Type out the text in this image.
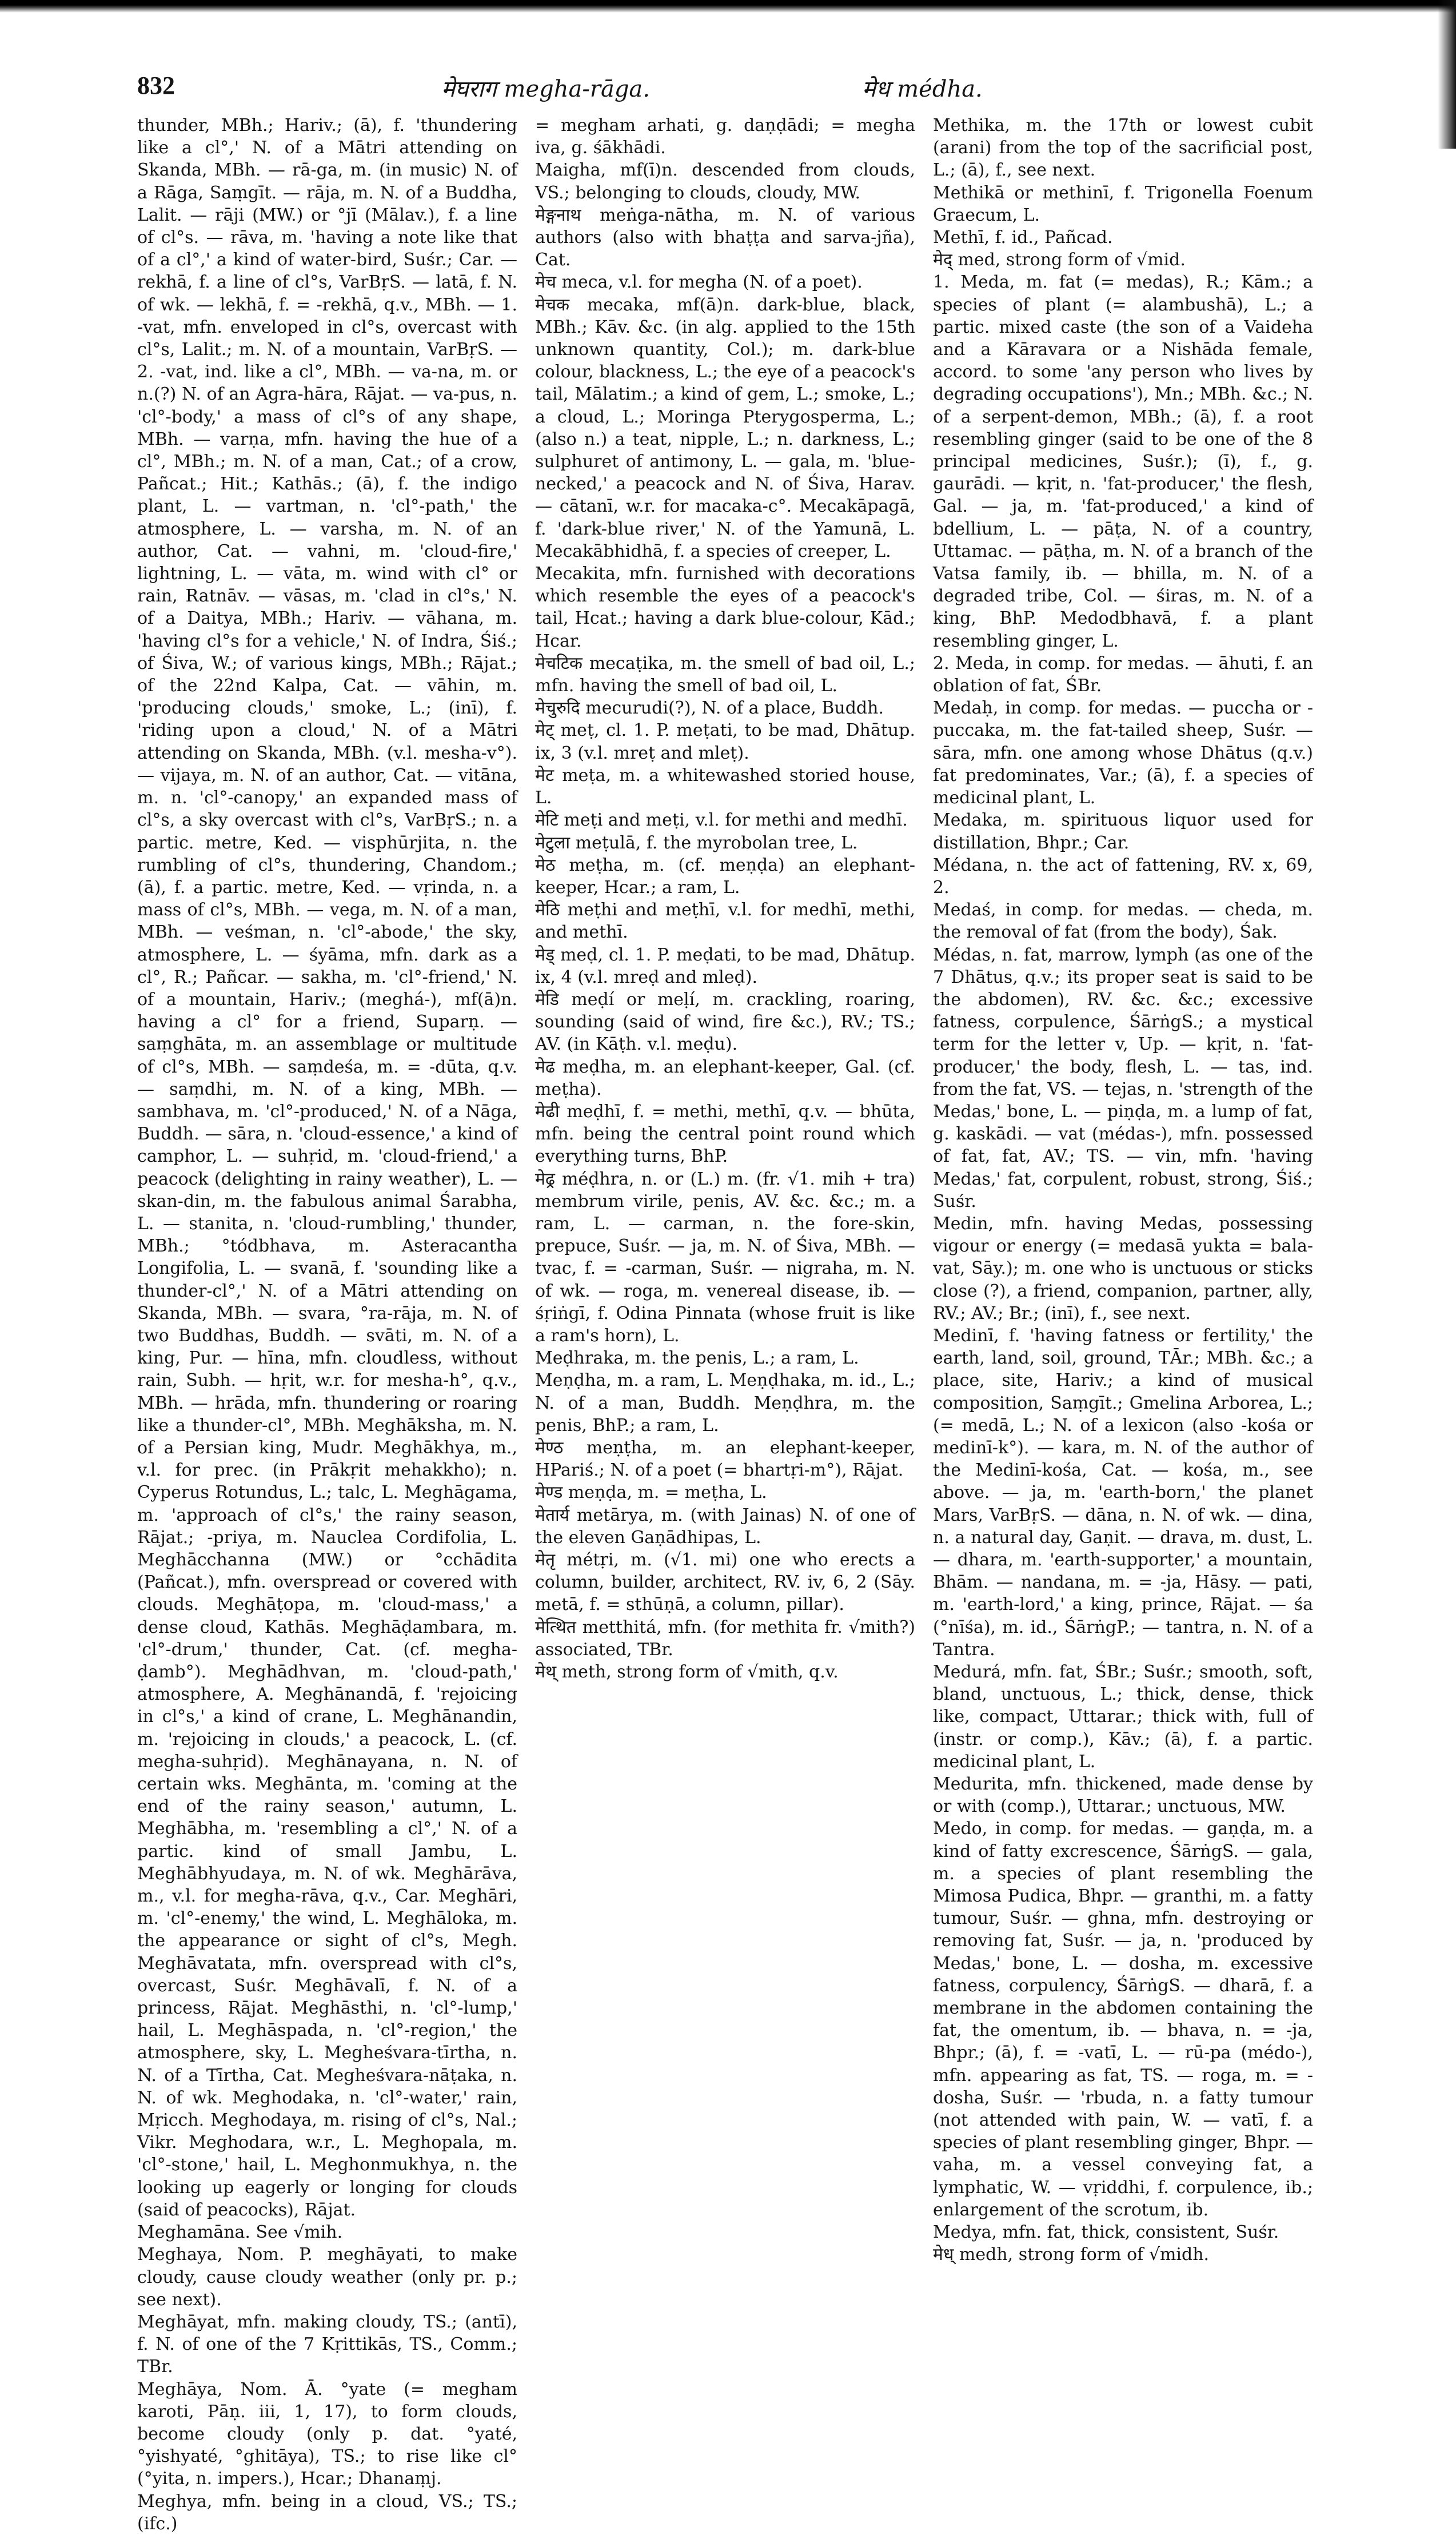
832	मेघराग megha-rāga.	मेध médha.

thunder, MBh.; Hariv.; (ā), f. 'thundering like a cl°,' N. of a Mātri attending on Skanda, MBh. — rā-ga, m. (in music) N. of a Rāga, Saṃgīt. — rāja, m. N. of a Buddha, Lalit. — rāji (MW.) or °jī (Mālav.), f. a line of cl°s. — rāva, m. 'having a note like that of a cl°,' a kind of water-bird, Suśr.; Car. — rekhā, f. a line of cl°s, VarBṛS. — latā, f. N. of wk. — lekhā, f. = -rekhā, q.v., MBh. — 1. -vat, mfn. enveloped in cl°s, overcast with cl°s, Lalit.; m. N. of a mountain, VarBṛS. — 2. -vat, ind. like a cl°, MBh. — va-na, m. or n.(?) N. of an Agra-hāra, Rājat. — va-pus, n. 'cl°-body,' a mass of cl°s of any shape, MBh. — varṇa, mfn. having the hue of a cl°, MBh.; m. N. of a man, Cat.; of a crow, Pañcat.; Hit.; Kathās.; (ā), f. the indigo plant, L. — vartman, n. 'cl°-path,' the atmosphere, L. — varsha, m. N. of an author, Cat. — vahni, m. 'cloud-fire,' lightning, L. — vāta, m. wind with cl° or rain, Ratnāv. — vāsas, m. 'clad in cl°s,' N. of a Daitya, MBh.; Hariv. — vāhana, m. 'having cl°s for a vehicle,' N. of Indra, Śiś.; of Śiva, W.; of various kings, MBh.; Rājat.; of the 22nd Kalpa, Cat. — vāhin, m. 'producing clouds,' smoke, L.; (inī), f. 'riding upon a cloud,' N. of a Mātri attending on Skanda, MBh. (v.l. mesha-v°). — vijaya, m. N. of an author, Cat. — vitāna, m. n. 'cl°-canopy,' an expanded mass of cl°s, a sky overcast with cl°s, VarBṛS.; n. a partic. metre, Ked. — visphūrjita, n. the rumbling of cl°s, thundering, Chandom.; (ā), f. a partic. metre, Ked. — vṛinda, n. a mass of cl°s, MBh. — vega, m. N. of a man, MBh. — veśman, n. 'cl°-abode,' the sky, atmosphere, L. — śyāma, mfn. dark as a cl°, R.; Pañcar. — sakha, m. 'cl°-friend,' N. of a mountain, Hariv.; (meghá-), mf(ā)n. having a cl° for a friend, Suparṇ. — saṃghāta, m. an assemblage or multitude of cl°s, MBh. — saṃdeśa, m. = -dūta, q.v. — saṃdhi, m. N. of a king, MBh. — sambhava, m. 'cl°-produced,' N. of a Nāga, Buddh. — sāra, n. 'cloud-essence,' a kind of camphor, L. — suhṛid, m. 'cloud-friend,' a peacock (delighting in rainy weather), L. — skan-din, m. the fabulous animal Śarabha, L. — stanita, n. 'cloud-rumbling,' thunder, MBh.; °tódbhava, m. Asteracantha Longifolia, L. — svanā, f. 'sounding like a thunder-cl°,' N. of a Mātri attending on Skanda, MBh. — svara, °ra-rāja, m. N. of two Buddhas, Buddh. — svāti, m. N. of a king, Pur. — hīna, mfn. cloudless, without rain, Subh. — hṛit, w.r. for mesha-h°, q.v., MBh. — hrāda, mfn. thundering or roaring like a thunder-cl°, MBh. Meghāksha, m. N. of a Persian king, Mudr. Meghākhya, m., v.l. for prec. (in Prākṛit mehakkho); n. Cyperus Rotundus, L.; talc, L. Meghāgama, m. 'approach of cl°s,' the rainy season, Rājat.; -priya, m. Nauclea Cordifolia, L. Meghācchanna (MW.) or °cchādita (Pañcat.), mfn. overspread or covered with clouds. Meghāṭopa, m. 'cloud-mass,' a dense cloud, Kathās. Meghāḍambara, m. 'cl°-drum,' thunder, Cat. (cf. megha-ḍamb°). Meghādhvan, m. 'cloud-path,' atmosphere, A. Meghānandā, f. 'rejoicing in cl°s,' a kind of crane, L. Meghānandin, m. 'rejoicing in clouds,' a peacock, L. (cf. megha-suhṛid). Meghānayana, n. N. of certain wks. Meghānta, m. 'coming at the end of the rainy season,' autumn, L. Meghābha, m. 'resembling a cl°,' N. of a partic. kind of small Jambu, L. Meghābhyudaya, m. N. of wk. Meghārāva, m., v.l. for megha-rāva, q.v., Car. Meghāri, m. 'cl°-enemy,' the wind, L. Meghāloka, m. the appearance or sight of cl°s, Megh. Meghāvatata, mfn. overspread with cl°s, overcast, Suśr. Meghāvalī, f. N. of a princess, Rājat. Meghāsthi, n. 'cl°-lump,' hail, L. Meghāspada, n. 'cl°-region,' the atmosphere, sky, L. Megheśvara-tīrtha, n. N. of a Tīrtha, Cat. Megheśvara-nāṭaka, n. N. of wk. Meghodaka, n. 'cl°-water,' rain, Mṛicch. Meghodaya, m. rising of cl°s, Nal.; Vikr. Meghodara, w.r., L. Meghopala, m. 'cl°-stone,' hail, L. Meghonmukhya, n. the looking up eagerly or longing for clouds (said of peacocks), Rājat.

Meghamāna. See √mih.

Meghaya, Nom. P. meghāyati, to make cloudy, cause cloudy weather (only pr. p.; see next).

Meghāyat, mfn. making cloudy, TS.; (antī), f. N. of one of the 7 Kṛittikās, TS., Comm.; TBr.

Meghāya, Nom. Ā. °yate (= megham karoti, Pāṇ. iii, 1, 17), to form clouds, become cloudy (only p. dat. °yaté, °yishyaté, °ghitāya), TS.; to rise like cl° (°yita, n. impers.), Hcar.; Dhanaṃj.

Meghya, mfn. being in a cloud, VS.; TS.; (ifc.)

= megham arhati, g. daṇḍādi; = megha iva, g. śākhādi.

Maigha, mf(ī)n. descended from clouds, VS.; belonging to clouds, cloudy, MW.

मेङ्गनाथ meṅga-nātha, m. N. of various authors (also with bhaṭṭa and sarva-jña), Cat.

मेच meca, v.l. for megha (N. of a poet).

मेचक mecaka, mf(ā)n. dark-blue, black, MBh.; Kāv. &c. (in alg. applied to the 15th unknown quantity, Col.); m. dark-blue colour, blackness, L.; the eye of a peacock's tail, Mālatim.; a kind of gem, L.; smoke, L.; a cloud, L.; Moringa Pterygosperma, L.; (also n.) a teat, nipple, L.; n. darkness, L.; sulphuret of antimony, L. — gala, m. 'blue-necked,' a peacock and N. of Śiva, Harav. — cātanī, w.r. for macaka-c°. Mecakāpagā, f. 'dark-blue river,' N. of the Yamunā, L. Mecakābhidhā, f. a species of creeper, L.

Mecakita, mfn. furnished with decorations which resemble the eyes of a peacock's tail, Hcat.; having a dark blue-colour, Kād.; Hcar.

मेचटिक mecaṭika, m. the smell of bad oil, L.; mfn. having the smell of bad oil, L.

मेचुरुदि mecurudi(?), N. of a place, Buddh.

मेट् meṭ, cl. 1. P. meṭati, to be mad, Dhātup. ix, 3 (v.l. mreṭ and mleṭ).

मेट meṭa, m. a whitewashed storied house, L.

मेटि meṭi and meṭi, v.l. for methi and medhī.

मेटुला meṭulā, f. the myrobolan tree, L.

मेठ meṭha, m. (cf. meṇḍa) an elephant-keeper, Hcar.; a ram, L.

मेठि meṭhi and meṭhī, v.l. for medhī, methi, and methī.

मेड् meḍ, cl. 1. P. meḍati, to be mad, Dhātup. ix, 4 (v.l. mreḍ and mleḍ).

मेडि meḍí or meḷí, m. crackling, roaring, sounding (said of wind, fire &c.), RV.; TS.; AV. (in Kāṭh. v.l. meḍu).

मेढ meḍha, m. an elephant-keeper, Gal. (cf. meṭha).

मेढी meḍhī, f. = methi, methī, q.v. — bhūta, mfn. being the central point round which everything turns, BhP.

मेढ्र méḍhra, n. or (L.) m. (fr. √1. mih + tra) membrum virile, penis, AV. &c. &c.; m. a ram, L. — carman, n. the fore-skin, prepuce, Suśr. — ja, m. N. of Śiva, MBh. — tvac, f. = -carman, Suśr. — nigraha, m. N. of wk. — roga, m. venereal disease, ib. — śṛiṅgī, f. Odina Pinnata (whose fruit is like a ram's horn), L.

Meḍhraka, m. the penis, L.; a ram, L.

Meṇḍha, m. a ram, L. Meṇḍhaka, m. id., L.; N. of a man, Buddh. Meṇḍhra, m. the penis, BhP.; a ram, L.

मेण्ठ meṇṭha, m. an elephant-keeper, HPariś.; N. of a poet (= bhartṛi-m°), Rājat.

मेण्ड meṇḍa, m. = meṭha, L.

मेतार्य metārya, m. (with Jainas) N. of one of the eleven Gaṇādhipas, L.

मेतृ métṛi, m. (√1. mi) one who erects a column, builder, architect, RV. iv, 6, 2 (Sāy. metā, f. = sthūṇā, a column, pillar).

मेत्थित metthitá, mfn. (for methita fr. √mith?) associated, TBr.

मेथ् meth, strong form of √mith, q.v.

Methika, m. the 17th or lowest cubit (arani) from the top of the sacrificial post, L.; (ā), f., see next.

Methikā or methinī, f. Trigonella Foenum Graecum, L.

Methī, f. id., Pañcad.

मेद् med, strong form of √mid.

1. Meda, m. fat (= medas), R.; Kām.; a species of plant (= alambushā), L.; a partic. mixed caste (the son of a Vaideha and a Kāravara or a Nishāda female, accord. to some 'any person who lives by degrading occupations'), Mn.; MBh. &c.; N. of a serpent-demon, MBh.; (ā), f. a root resembling ginger (said to be one of the 8 principal medicines, Suśr.); (ī), f., g. gaurādi. — kṛit, n. 'fat-producer,' the flesh, Gal. — ja, m. 'fat-produced,' a kind of bdellium, L. — pāṭa, N. of a country, Uttamac. — pāṭha, m. N. of a branch of the Vatsa family, ib. — bhilla, m. N. of a degraded tribe, Col. — śiras, m. N. of a king, BhP. Medodbhavā, f. a plant resembling ginger, L.

2. Meda, in comp. for medas. — āhuti, f. an oblation of fat, ŚBr.

Medaḥ, in comp. for medas. — puccha or -puccaka, m. the fat-tailed sheep, Suśr. — sāra, mfn. one among whose Dhātus (q.v.) fat predominates, Var.; (ā), f. a species of medicinal plant, L.

Medaka, m. spirituous liquor used for distillation, Bhpr.; Car.

Médana, n. the act of fattening, RV. x, 69, 2.

Medaś, in comp. for medas. — cheda, m. the removal of fat (from the body), Śak.

Médas, n. fat, marrow, lymph (as one of the 7 Dhātus, q.v.; its proper seat is said to be the abdomen), RV. &c. &c.; excessive fatness, corpulence, ŚārṅgS.; a mystical term for the letter v, Up. — kṛit, n. 'fat-producer,' the body, flesh, L. — tas, ind. from the fat, VS. — tejas, n. 'strength of the Medas,' bone, L. — piṇḍa, m. a lump of fat, g. kaskādi. — vat (médas-), mfn. possessed of fat, fat, AV.; TS. — vin, mfn. 'having Medas,' fat, corpulent, robust, strong, Śiś.; Suśr.

Medin, mfn. having Medas, possessing vigour or energy (= medasā yukta = bala-vat, Sāy.); m. one who is unctuous or sticks close (?), a friend, companion, partner, ally, RV.; AV.; Br.; (inī), f., see next.

Medinī, f. 'having fatness or fertility,' the earth, land, soil, ground, TĀr.; MBh. &c.; a place, site, Hariv.; a kind of musical composition, Saṃgīt.; Gmelina Arborea, L.; (= medā, L.; N. of a lexicon (also -kośa or medinī-k°). — kara, m. N. of the author of the Medinī-kośa, Cat. — kośa, m., see above. — ja, m. 'earth-born,' the planet Mars, VarBṛS. — dāna, n. N. of wk. — dina, n. a natural day, Gaṇit. — drava, m. dust, L. — dhara, m. 'earth-supporter,' a mountain, Bhām. — nandana, m. = -ja, Hāsy. — pati, m. 'earth-lord,' a king, prince, Rājat. — śa (°nīśa), m. id., ŚārṅgP.; — tantra, n. N. of a Tantra.

Medurá, mfn. fat, ŚBr.; Suśr.; smooth, soft, bland, unctuous, L.; thick, dense, thick like, compact, Uttarar.; thick with, full of (instr. or comp.), Kāv.; (ā), f. a partic. medicinal plant, L.

Medurita, mfn. thickened, made dense by or with (comp.), Uttarar.; unctuous, MW.

Medo, in comp. for medas. — gaṇḍa, m. a kind of fatty excrescence, ŚārṅgS. — gala, m. a species of plant resembling the Mimosa Pudica, Bhpr. — granthi, m. a fatty tumour, Suśr. — ghna, mfn. destroying or removing fat, Suśr. — ja, n. 'produced by Medas,' bone, L. — dosha, m. excessive fatness, corpulency, ŚārṅgS. — dharā, f. a membrane in the abdomen containing the fat, the omentum, ib. — bhava, n. = -ja, Bhpr.; (ā), f. = -vatī, L. — rū-pa (médo-), mfn. appearing as fat, TS. — roga, m. = -dosha, Suśr. — 'rbuda, n. a fatty tumour (not attended with pain, W. — vatī, f. a species of plant resembling ginger, Bhpr. — vaha, m. a vessel conveying fat, a lymphatic, W. — vṛiddhi, f. corpulence, ib.; enlargement of the scrotum, ib.

Medya, mfn. fat, thick, consistent, Suśr.

मेध् medh, strong form of √midh.
